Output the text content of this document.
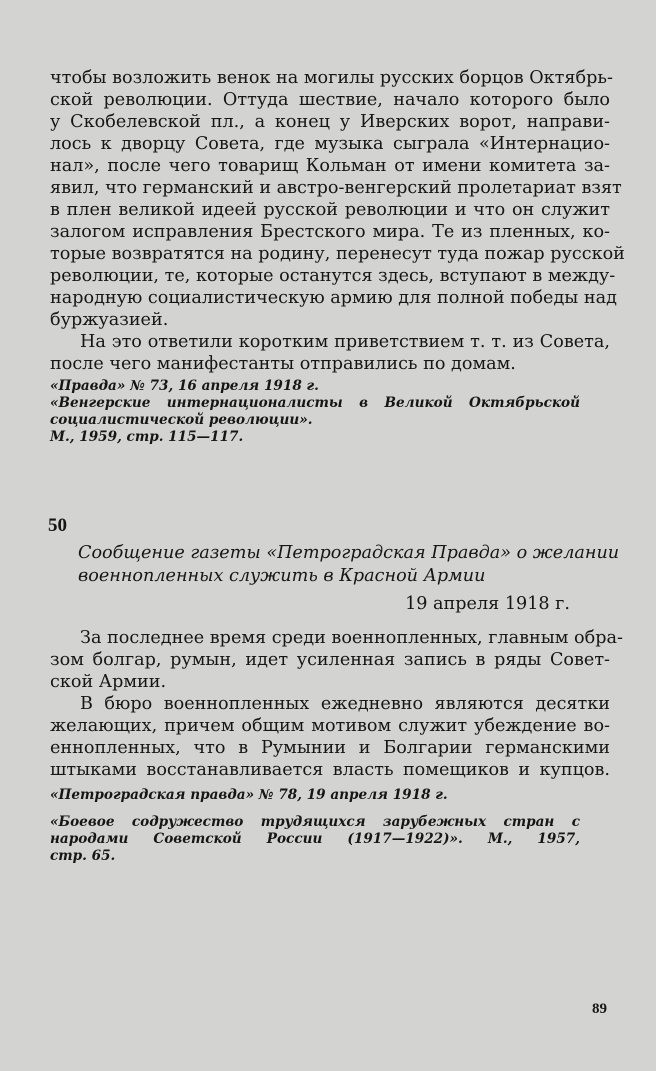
чтобы возложить венок на могилы русских борцов Октябрь-
ской революции. Оттуда шествие, начало которого было
у Скобелевской пл., а конец у Иверских ворот, направи-
лось к дворцу Совета, где музыка сыграла «Интернацио-
нал», после чего товарищ Кольман от имени комитета за-
явил, что германский и австро-венгерский пролетариат взят
в плен великой идеей русской революции и что он служит
залогом исправления Брестского мира. Те из пленных, ко-
торые возвратятся на родину, перенесут туда пожар русской
революции, те, которые останутся здесь, вступают в между-
народную социалистическую армию для полной победы над
буржуазией.
На это ответили коротким приветствием т. т. из Совета,
после чего манифестанты отправились по домам.
«Правда» № 73, 16 апреля 1918 г.
«Венгерские интернационалисты в Великой Октябрьской
социалистической революции».
М., 1959, стр. 115—117.
50
Сообщение газеты «Петроградская Правда» о желании
военнопленных служить в Красной Армии
19 апреля 1918 г.
За последнее время среди военнопленных, главным обра-
зом болгар, румын, идет усиленная запись в ряды Совет-
ской Армии.
В бюро военнопленных ежедневно являются десятки
желающих, причем общим мотивом служит убеждение во-
еннопленных, что в Румынии и Болгарии германскими
штыками восстанавливается власть помещиков и купцов.
«Петроградская правда» № 78, 19 апреля 1918 г.
«Боевое содружество трудящихся зарубежных стран с
народами Советской России (1917—1922)». М., 1957,
стр. 65.
89
